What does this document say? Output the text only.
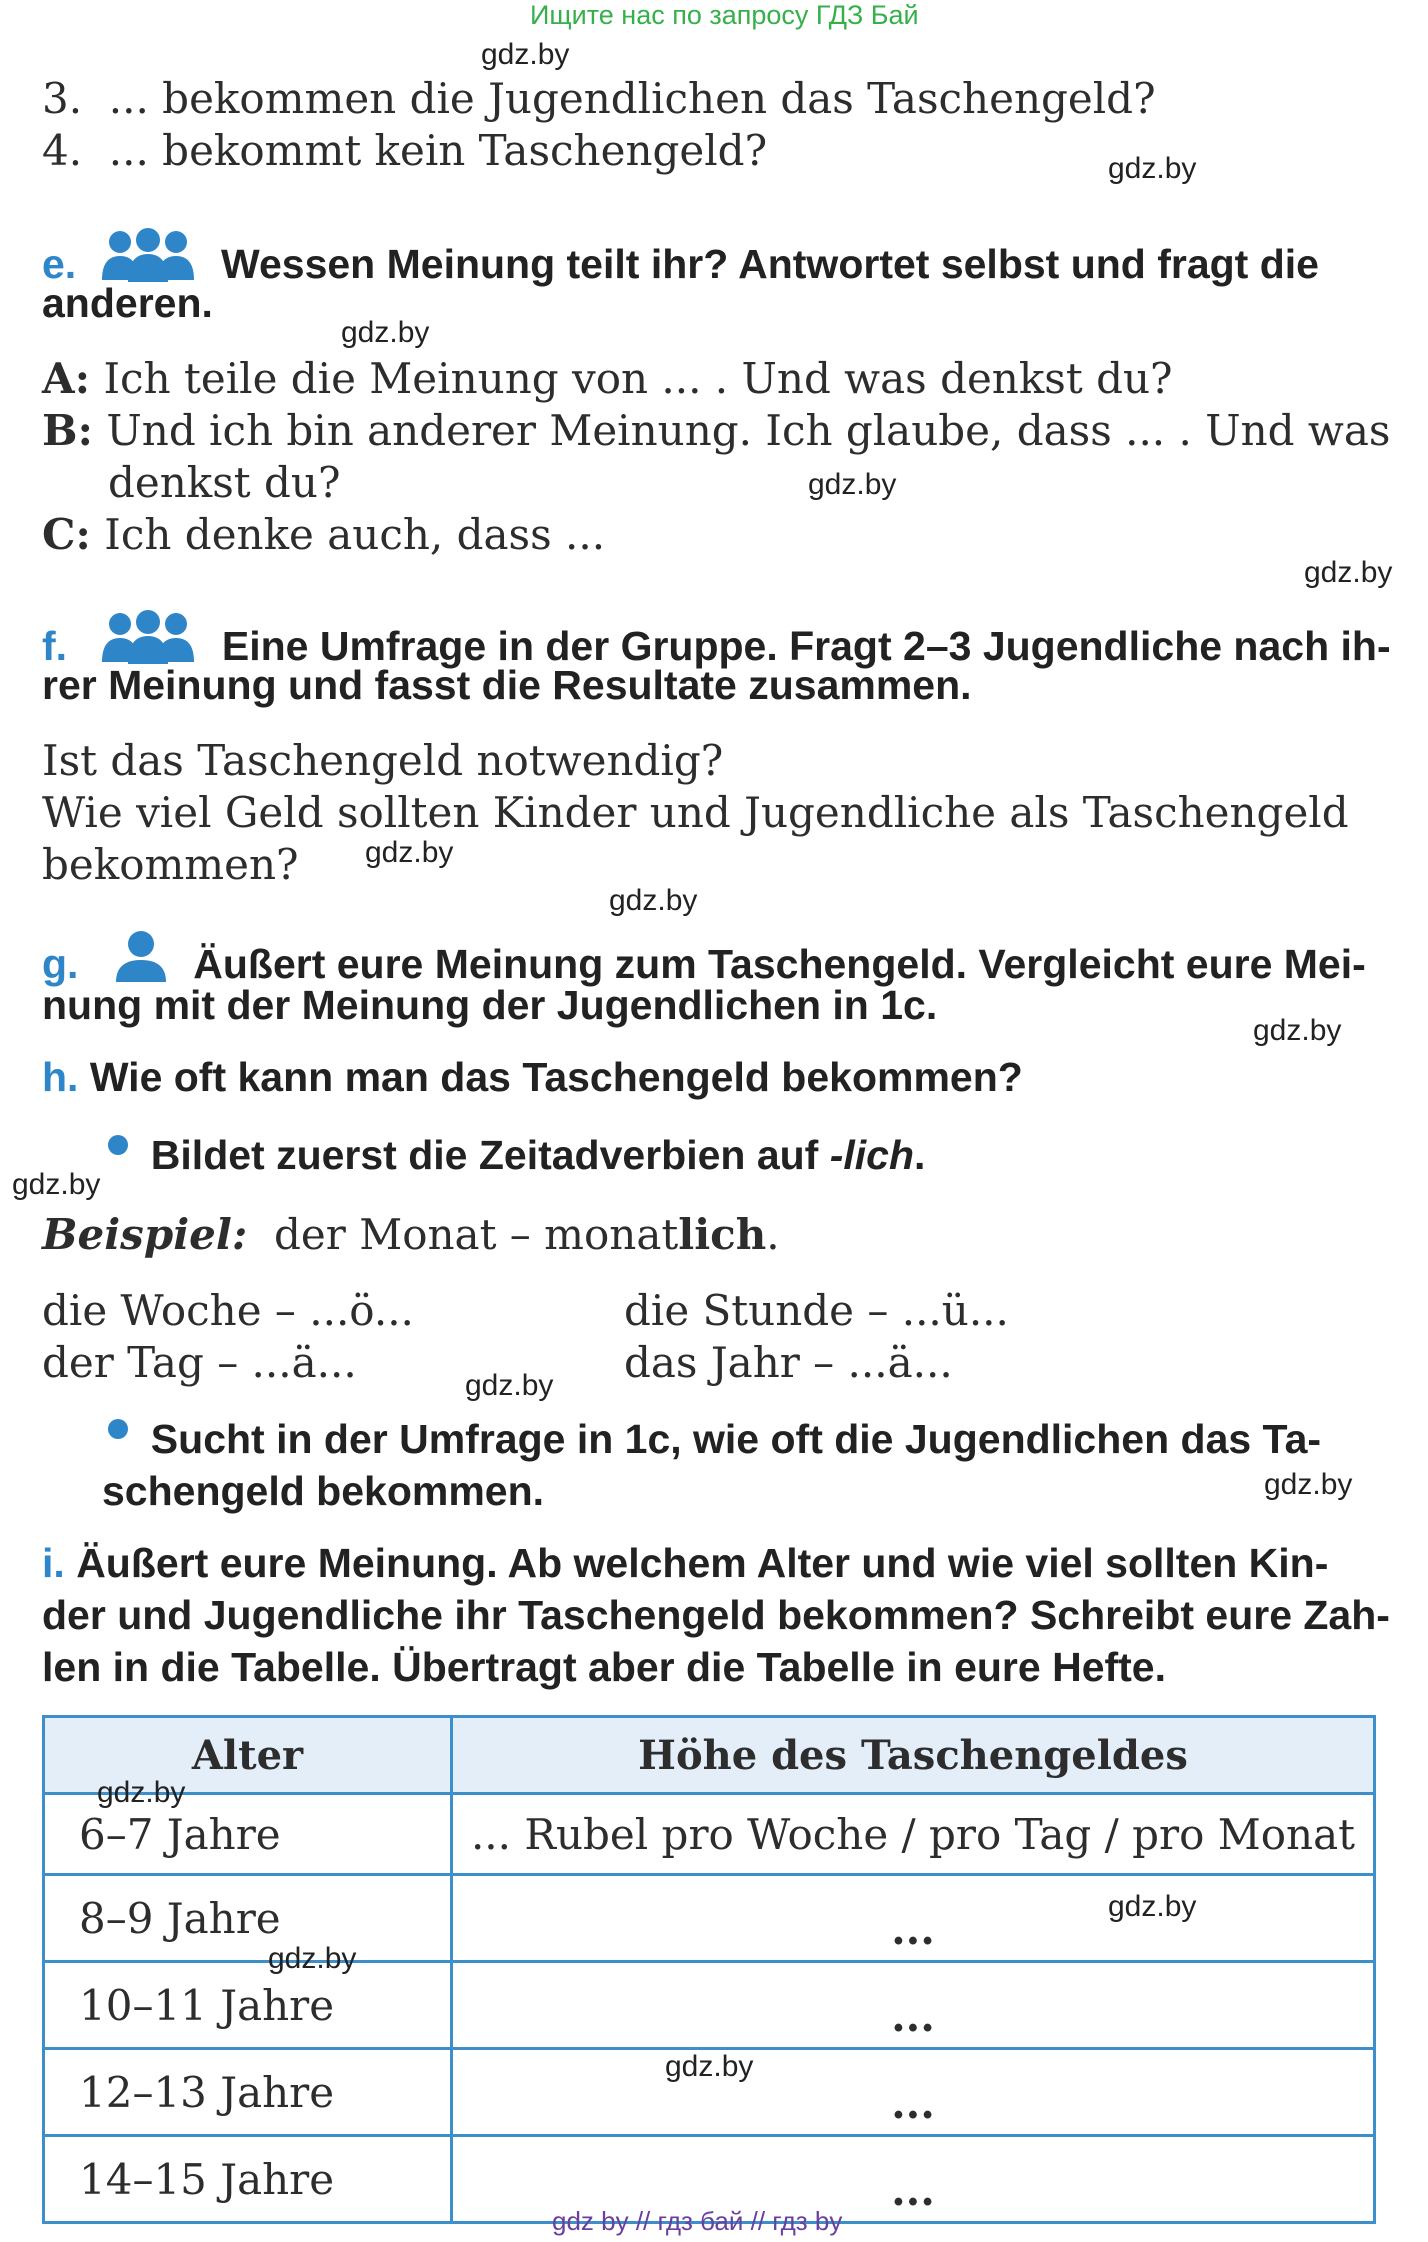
Ищите нас по запросу ГДЗ Бай
gdz.by
gdz.by
gdz.by
gdz.by
gdz.by
gdz.by
gdz.by
gdz.by
gdz.by
gdz.by
gdz.by
3. ... bekommen die Jugendlichen das Taschengeld?
4. ... bekommt kein Taschengeld?
e.	Wessen Meinung teilt ihr? Antwortet selbst und fragt die
anderen.
A: Ich teile die Meinung von ... . Und was denkst du?
B: Und ich bin anderer Meinung. Ich glaube, dass ... . Und was
denkst du?
C: Ich denke auch, dass ...
f.	Eine Umfrage in der Gruppe. Fragt 2–3 Jugendliche nach ih-
rer Meinung und fasst die Resultate zusammen.
Ist das Taschengeld notwendig?
Wie viel Geld sollten Kinder und Jugendliche als Taschengeld
bekommen?
g.	Äußert eure Meinung zum Taschengeld. Vergleicht eure Mei-
nung mit der Meinung der Jugendlichen in 1c.
h. Wie oft kann man das Taschengeld bekommen?
Bildet zuerst die Zeitadverbien auf -lich.
Beispiel: der Monat – monatlich.
die Woche – ...ö...
der Tag – ...ä...
die Stunde – ...ü...
das Jahr – ...ä...
Sucht in der Umfrage in 1c, wie oft die Jugendlichen das Ta-
schengeld bekommen.
i. Äußert eure Meinung. Ab welchem Alter und wie viel sollten Kin-
der und Jugendliche ihr Taschengeld bekommen? Schreibt eure Zah-
len in die Tabelle. Übertragt aber die Tabelle in eure Hefte.
Alter	Höhe des Taschengeldes
6–7 Jahre	... Rubel pro Woche / pro Tag / pro Monat
8–9 Jahre	...
10–11 Jahre	...
12–13 Jahre	...
14–15 Jahre	...
gdz.by
gdz.by
gdz.by
gdz.by
gdz by // гдз бай // гдз by
